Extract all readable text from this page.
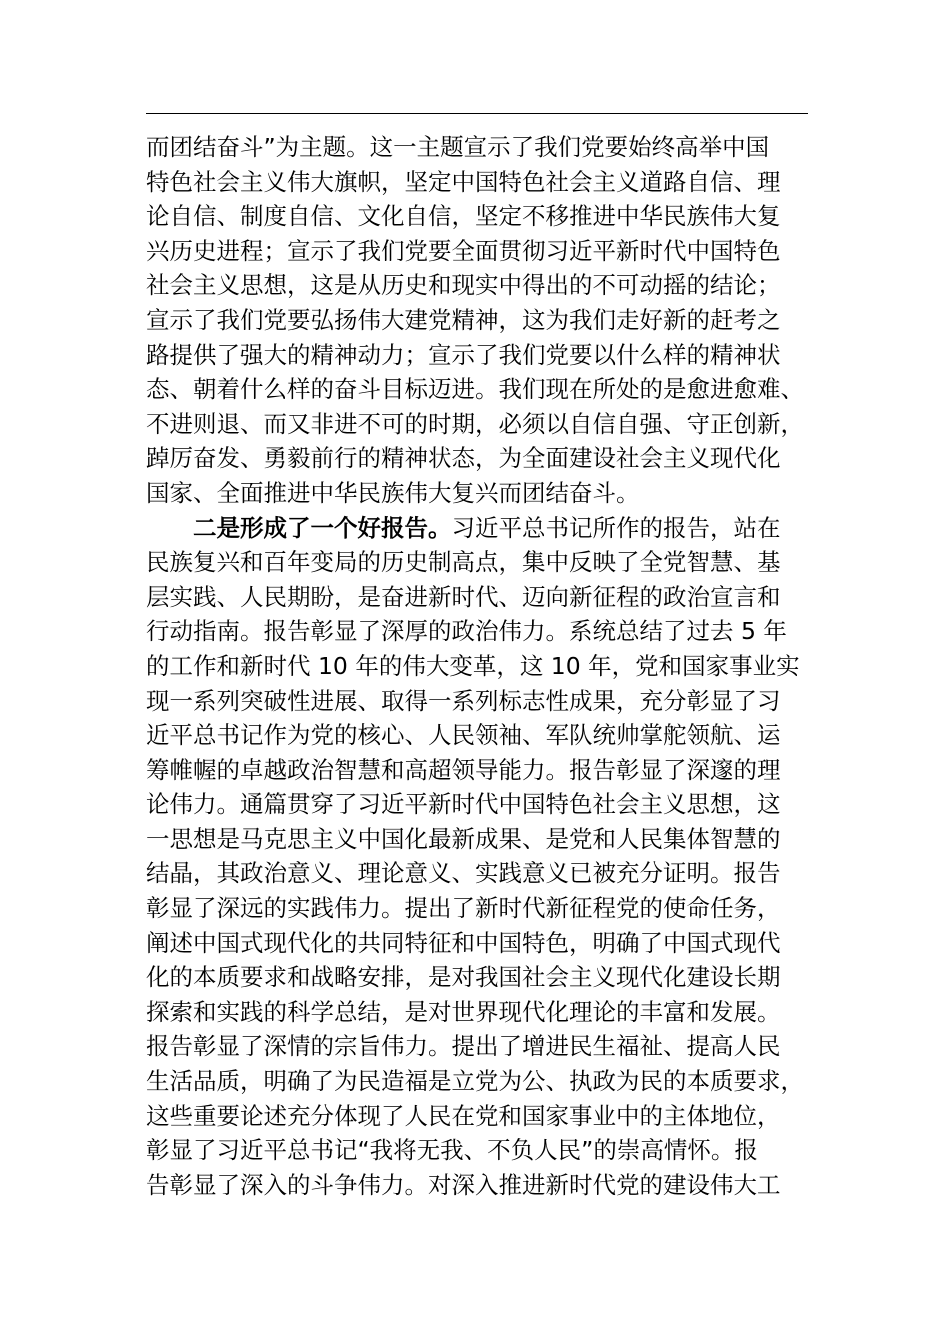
而团结奋斗”为主题。这一主题宣示了我们党要始终高举中国
特色社会主义伟大旗帜，坚定中国特色社会主义道路自信、理
论自信、制度自信、文化自信，坚定不移推进中华民族伟大复
兴历史进程；宣示了我们党要全面贯彻习近平新时代中国特色
社会主义思想，这是从历史和现实中得出的不可动摇的结论；
宣示了我们党要弘扬伟大建党精神，这为我们走好新的赶考之
路提供了强大的精神动力；宣示了我们党要以什么样的精神状
态、朝着什么样的奋斗目标迈进。我们现在所处的是愈进愈难、
不进则退、而又非进不可的时期，必须以自信自强、守正创新，
踔厉奋发、勇毅前行的精神状态，为全面建设社会主义现代化
国家、全面推进中华民族伟大复兴而团结奋斗。
二是形成了一个好报告。习近平总书记所作的报告，站在
民族复兴和百年变局的历史制高点，集中反映了全党智慧、基
层实践、人民期盼，是奋进新时代、迈向新征程的政治宣言和
行动指南。报告彰显了深厚的政治伟力。系统总结了过去 5 年
的工作和新时代 10 年的伟大变革，这 10 年，党和国家事业实
现一系列突破性进展、取得一系列标志性成果，充分彰显了习
近平总书记作为党的核心、人民领袖、军队统帅掌舵领航、运
筹帷幄的卓越政治智慧和高超领导能力。报告彰显了深邃的理
论伟力。通篇贯穿了习近平新时代中国特色社会主义思想，这
一思想是马克思主义中国化最新成果、是党和人民集体智慧的
结晶，其政治意义、理论意义、实践意义已被充分证明。报告
彰显了深远的实践伟力。提出了新时代新征程党的使命任务，
阐述中国式现代化的共同特征和中国特色，明确了中国式现代
化的本质要求和战略安排，是对我国社会主义现代化建设长期
探索和实践的科学总结，是对世界现代化理论的丰富和发展。
报告彰显了深情的宗旨伟力。提出了增进民生福祉、提高人民
生活品质，明确了为民造福是立党为公、执政为民的本质要求，
这些重要论述充分体现了人民在党和国家事业中的主体地位，
彰显了习近平总书记“我将无我、不负人民”的崇高情怀。报
告彰显了深入的斗争伟力。对深入推进新时代党的建设伟大工
